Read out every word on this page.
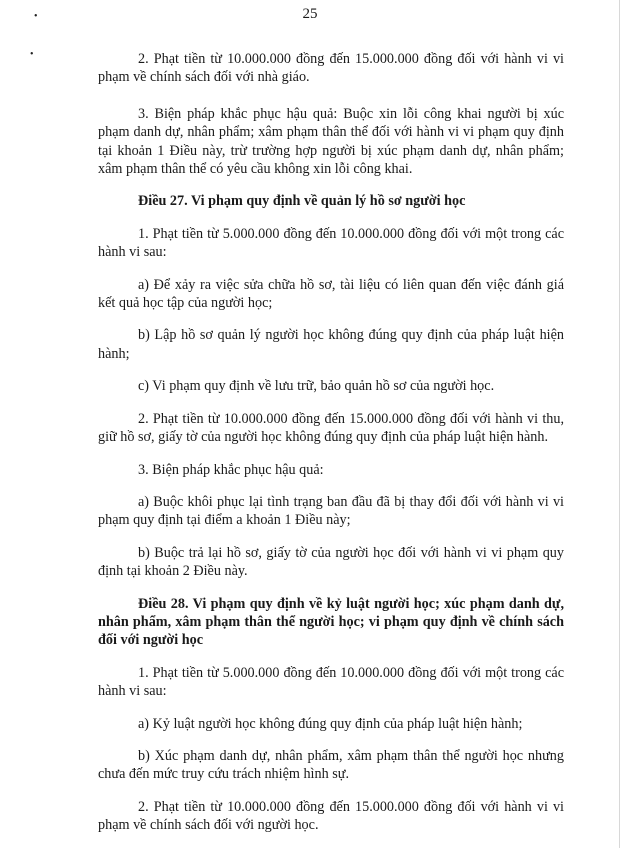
25
•
•	2. Phạt tiền từ 10.000.000 đồng đến 15.000.000 đồng đối với hành vi vi phạm về chính sách đối với nhà giáo.

3. Biện pháp khắc phục hậu quả: Buộc xin lỗi công khai người bị xúc phạm danh dự, nhân phẩm; xâm phạm thân thể đối với hành vi vi phạm quy định tại khoản 1 Điều này, trừ trường hợp người bị xúc phạm danh dự, nhân phẩm; xâm phạm thân thể có yêu cầu không xin lỗi công khai.

Điều 27. Vi phạm quy định về quản lý hồ sơ người học

1. Phạt tiền từ 5.000.000 đồng đến 10.000.000 đồng đối với một trong các hành vi sau:

a) Để xảy ra việc sửa chữa hồ sơ, tài liệu có liên quan đến việc đánh giá kết quả học tập của người học;

b) Lập hồ sơ quản lý người học không đúng quy định của pháp luật hiện hành;

c) Vi phạm quy định về lưu trữ, bảo quản hồ sơ của người học.

2. Phạt tiền từ 10.000.000 đồng đến 15.000.000 đồng đối với hành vi thu, giữ hồ sơ, giấy tờ của người học không đúng quy định của pháp luật hiện hành.

3. Biện pháp khắc phục hậu quả:

a) Buộc khôi phục lại tình trạng ban đầu đã bị thay đổi đối với hành vi vi phạm quy định tại điểm a khoản 1 Điều này;

b) Buộc trả lại hồ sơ, giấy tờ của người học đối với hành vi vi phạm quy định tại khoản 2 Điều này.

Điều 28. Vi phạm quy định về kỷ luật người học; xúc phạm danh dự, nhân phẩm, xâm phạm thân thể người học; vi phạm quy định về chính sách đối với người học

1. Phạt tiền từ 5.000.000 đồng đến 10.000.000 đồng đối với một trong các hành vi sau:

a) Kỷ luật người học không đúng quy định của pháp luật hiện hành;

b) Xúc phạm danh dự, nhân phẩm, xâm phạm thân thể người học nhưng chưa đến mức truy cứu trách nhiệm hình sự.

2. Phạt tiền từ 10.000.000 đồng đến 15.000.000 đồng đối với hành vi vi phạm về chính sách đối với người học.
